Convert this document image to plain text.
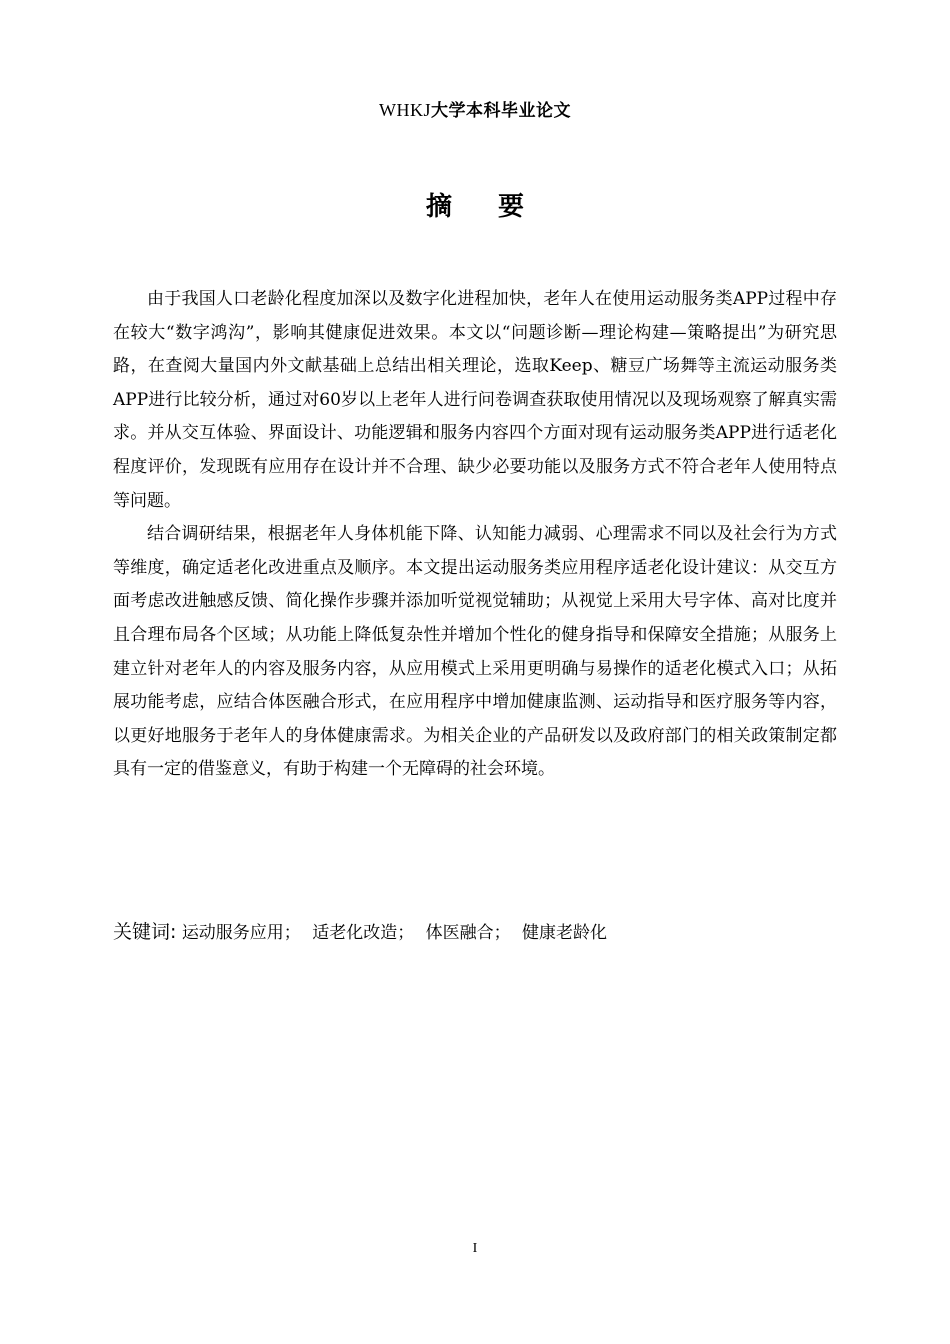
WHKJ大学本科毕业论文
摘要

由于我国人口老龄化程度加深以及数字化进程加快，老年人在使用运动服务类APP过程中存在较大“数字鸿沟”，影响其健康促进效果。本文以“问题诊断—理论构建—策略提出”为研究思路，在查阅大量国内外文献基础上总结出相关理论，选取Keep、糖豆广场舞等主流运动服务类APP进行比较分析，通过对60岁以上老年人进行问卷调查获取使用情况以及现场观察了解真实需求。并从交互体验、界面设计、功能逻辑和服务内容四个方面对现有运动服务类APP进行适老化程度评价，发现既有应用存在设计并不合理、缺少必要功能以及服务方式不符合老年人使用特点等问题。

结合调研结果，根据老年人身体机能下降、认知能力减弱、心理需求不同以及社会行为方式等维度，确定适老化改进重点及顺序。本文提出运动服务类应用程序适老化设计建议：从交互方面考虑改进触感反馈、简化操作步骤并添加听觉视觉辅助；从视觉上采用大号字体、高对比度并且合理布局各个区域；从功能上降低复杂性并增加个性化的健身指导和保障安全措施；从服务上建立针对老年人的内容及服务内容，从应用模式上采用更明确与易操作的适老化模式入口；从拓展功能考虑，应结合体医融合形式，在应用程序中增加健康监测、运动指导和医疗服务等内容，以更好地服务于老年人的身体健康需求。为相关企业的产品研发以及政府部门的相关政策制定都具有一定的借鉴意义，有助于构建一个无障碍的社会环境。

关键词: 运动服务应用； 适老化改造； 体医融合； 健康老龄化
I
